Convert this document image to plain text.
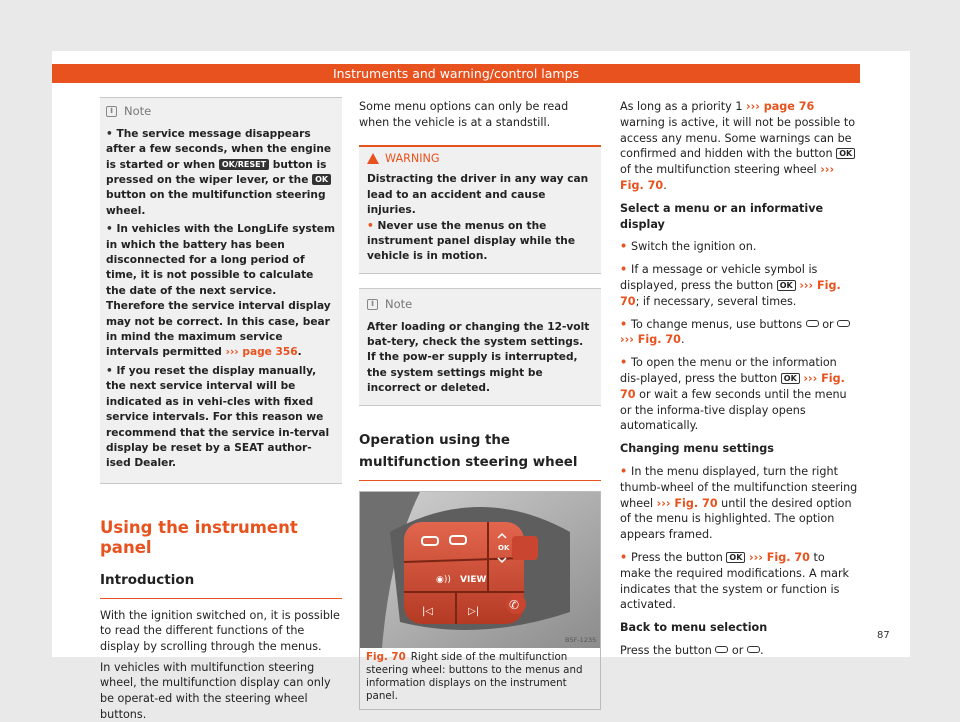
Instruments and warning/control lamps
i Note

• The service message disappears after a few seconds, when the engine is started or when OK/RESET button is pressed on the wiper lever, or the OK button on the multifunction steering wheel.

• In vehicles with the LongLife system in which the battery has been disconnected for a long period of time, it is not possible to calculate the date of the next service. Therefore the service interval display may not be correct. In this case, bear in mind the maximum service intervals permitted ››› page 356.

• If you reset the display manually, the next service interval will be indicated as in vehi-cles with fixed service intervals. For this reason we recommend that the service in-terval display be reset by a SEAT author-ised Dealer.

Using the instrument panel
Introduction

With the ignition switched on, it is possible to read the different functions of the display by scrolling through the menus.

In vehicles with multifunction steering wheel, the multifunction display can only be operat-ed with the steering wheel buttons.

Some menu options can only be read when the vehicle is at a standstill.

WARNING

Distracting the driver in any way can lead to an accident and cause injuries.

• Never use the menus on the instrument panel display while the vehicle is in motion.

i Note

After loading or changing the 12-volt bat-tery, check the system settings. If the pow-er supply is interrupted, the system settings might be incorrect or deleted.

Operation using the multifunction steering wheel
◉)) VIEW
OK
|◁	▷| ✆
B5F-1235

Fig. 70 Right side of the multifunction steering wheel: buttons to the menus and information displays on the instrument panel.

As long as a priority 1 ››› page 76 warning is active, it will not be possible to access any menu. Some warnings can be confirmed and hidden with the button OK of the multifunction steering wheel ››› Fig. 70.

Select a menu or an informative display

• Switch the ignition on.

• If a message or vehicle symbol is displayed, press the button OK ››› Fig. 70; if necessary, several times.

• To change menus, use buttons  or  ››› Fig. 70.

• To open the menu or the information dis-played, press the button OK ››› Fig. 70 or wait a few seconds until the menu or the informa-tive display opens automatically.

Changing menu settings

• In the menu displayed, turn the right thumb-wheel of the multifunction steering wheel ››› Fig. 70 until the desired option of the menu is highlighted. The option appears framed.

• Press the button OK ››› Fig. 70 to make the required modifications. A mark indicates that the system or function is activated.

Back to menu selection

Press the button  or .

87
